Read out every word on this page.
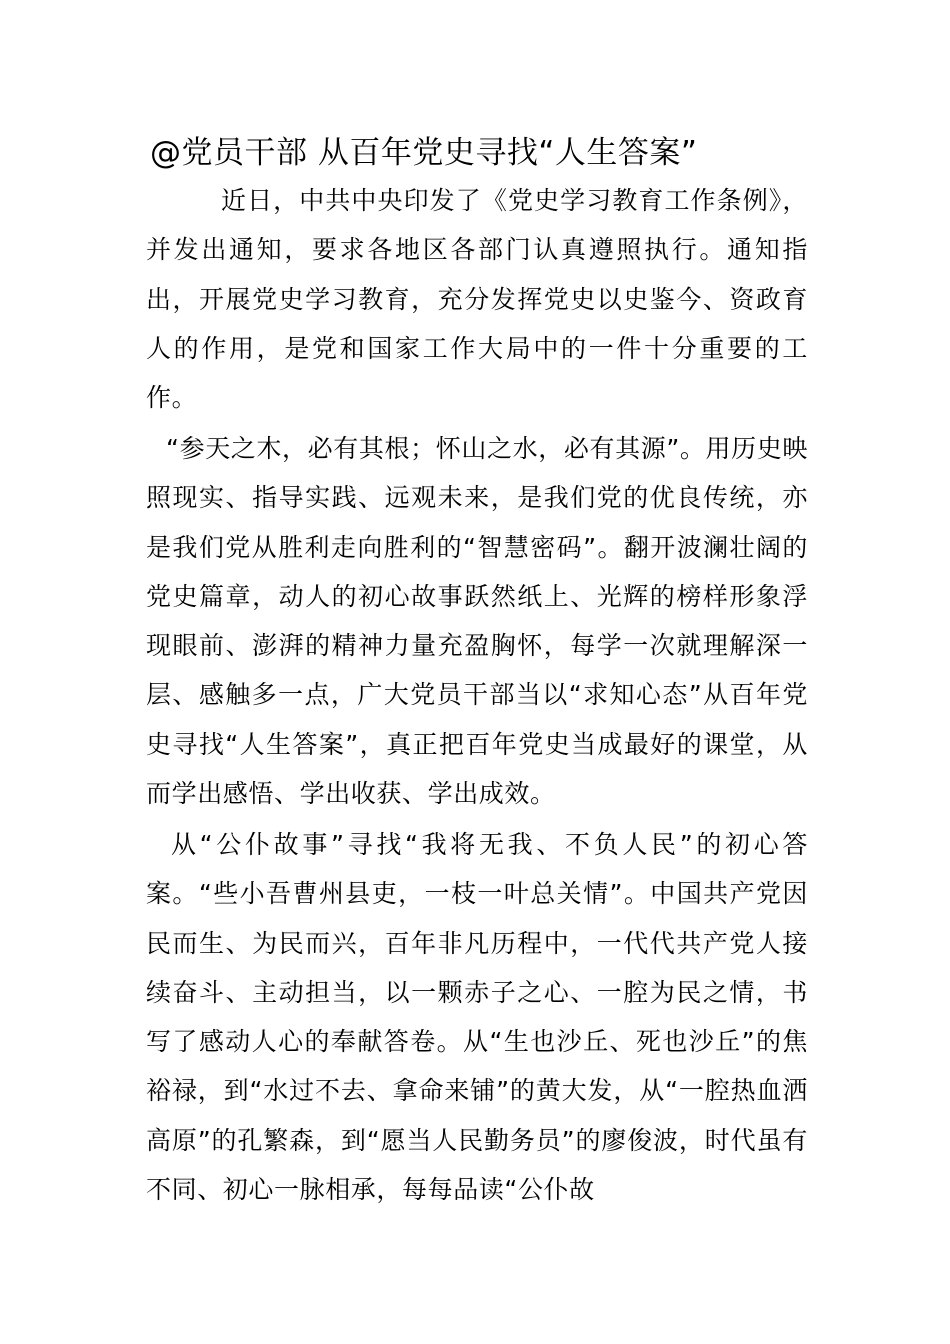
@党员干部 从百年党史寻找“人生答案”
近日，中共中央印发了《党史学习教育工作条例》，并发出通知，要求各地区各部门认真遵照执行。通知指出，开展党史学习教育，充分发挥党史以史鉴今、资政育人的作用，是党和国家工作大局中的一件十分重要的工作。
“参天之木，必有其根；怀山之水，必有其源”。用历史映照现实、指导实践、远观未来，是我们党的优良传统，亦是我们党从胜利走向胜利的“智慧密码”。翻开波澜壮阔的党史篇章，动人的初心故事跃然纸上、光辉的榜样形象浮现眼前、澎湃的精神力量充盈胸怀，每学一次就理解深一层、感触多一点，广大党员干部当以“求知心态”从百年党史寻找“人生答案”，真正把百年党史当成最好的课堂，从而学出感悟、学出收获、学出成效。
从“公仆故事”寻找“我将无我、不负人民”的初心答案。“些小吾曹州县吏，一枝一叶总关情”。中国共产党因民而生、为民而兴，百年非凡历程中，一代代共产党人接续奋斗、主动担当，以一颗赤子之心、一腔为民之情，书写了感动人心的奉献答卷。从“生也沙丘、死也沙丘”的焦裕禄，到“水过不去、拿命来铺”的黄大发，从“一腔热血洒高原”的孔繁森，到“愿当人民勤务员”的廖俊波，时代虽有不同、初心一脉相承，每每品读“公仆故
